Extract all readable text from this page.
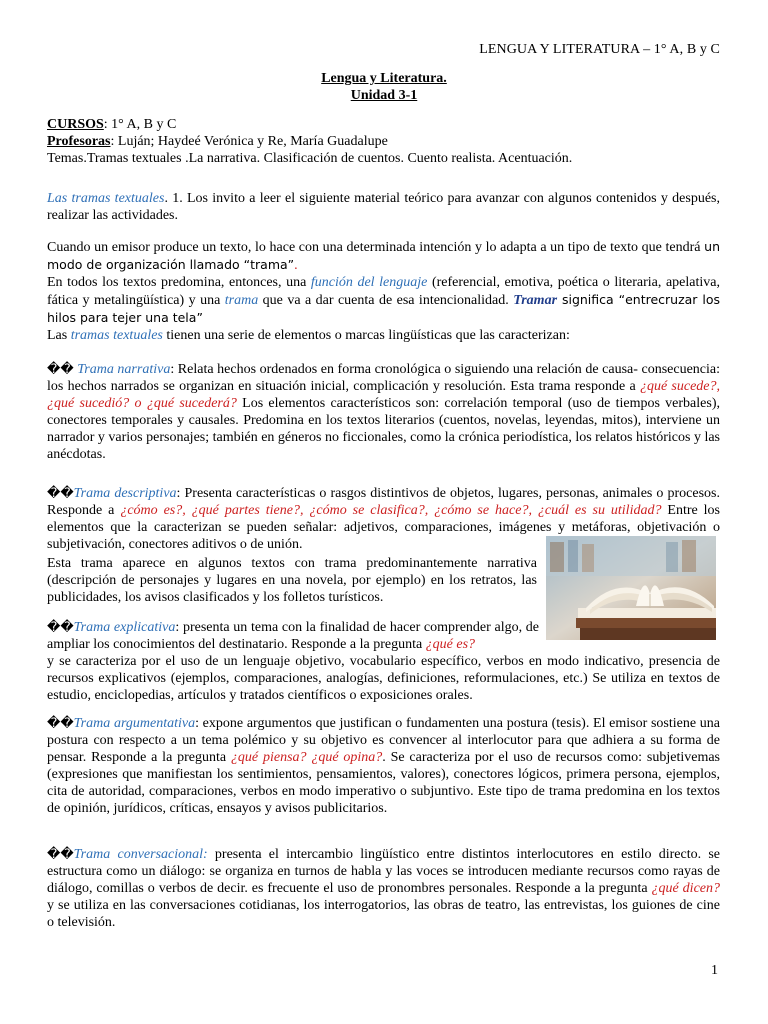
LENGUA Y LITERATURA – 1° A, B y C
Lengua y Literatura.
Unidad 3-1
CURSOS: 1° A, B y C
Profesoras: Luján; Haydeé Verónica y Re, María Guadalupe
Temas.Tramas textuales .La narrativa. Clasificación de cuentos. Cuento realista. Acentuación.
Las tramas textuales. 1. Los invito a leer el siguiente material teórico para avanzar con algunos contenidos y después, realizar las actividades.
Cuando un emisor produce un texto, lo hace con una determinada intención y lo adapta a un tipo de texto que tendrá un modo de organización llamado “trama”.
En todos los textos predomina, entonces, una función del lenguaje (referencial, emotiva, poética o literaria, apelativa, fática y metalingüística) y una trama que va a dar cuenta de esa intencionalidad. Tramar significa “entrecruzar los hilos para tejer una tela”
Las tramas textuales tienen una serie de elementos o marcas lingüísticas que las caracterizan:
�� Trama narrativa: Relata hechos ordenados en forma cronológica o siguiendo una relación de causa- consecuencia: los hechos narrados se organizan en situación inicial, complicación y resolución. Esta trama responde a ¿qué sucede?, ¿qué sucedió? o ¿qué sucederá? Los elementos característicos son: correlación temporal (uso de tiempos verbales), conectores temporales y causales. Predomina en los textos literarios (cuentos, novelas, leyendas, mitos), interviene un narrador y varios personajes; también en géneros no ficcionales, como la crónica periodística, los relatos históricos y las anécdotas.
��Trama descriptiva: Presenta características o rasgos distintivos de objetos, lugares, personas, animales o procesos. Responde a ¿cómo es?, ¿qué partes tiene?, ¿cómo se clasifica?, ¿cómo se hace?, ¿cuál es su utilidad? Entre los elementos que la caracterizan se pueden señalar: adjetivos, comparaciones, imágenes y metáforas, objetivación o subjetivación, conectores aditivos o de unión.
Esta trama aparece en algunos textos con trama predominantemente narrativa (descripción de personajes y lugares en una novela, por ejemplo) en los retratos, las publicidades, los avisos clasificados y los folletos turísticos.
��Trama explicativa: presenta un tema con la finalidad de hacer comprender algo, de ampliar los conocimientos del destinatario. Responde a la pregunta ¿qué es?
y se caracteriza por el uso de un lenguaje objetivo, vocabulario específico, verbos en modo indicativo, presencia de recursos explicativos (ejemplos, comparaciones, analogías, definiciones, reformulaciones, etc.) Se utiliza en textos de estudio, enciclopedias, artículos y tratados científicos o exposiciones orales.
��Trama argumentativa: expone argumentos que justifican o fundamenten una postura (tesis). El emisor sostiene una postura con respecto a un tema polémico y su objetivo es convencer al interlocutor para que adhiera a su forma de pensar. Responde a la pregunta ¿qué piensa? ¿qué opina?. Se caracteriza por el uso de recursos como: subjetivemas (expresiones que manifiestan los sentimientos, pensamientos, valores), conectores lógicos, primera persona, ejemplos, cita de autoridad, comparaciones, verbos en modo imperativo o subjuntivo. Este tipo de trama predomina en los textos de opinión, jurídicos, críticas, ensayos y avisos publicitarios.
��Trama conversacional: presenta el intercambio lingüístico entre distintos interlocutores en estilo directo. se estructura como un diálogo: se organiza en turnos de habla y las voces se introducen mediante recursos como rayas de diálogo, comillas o verbos de decir. es frecuente el uso de pronombres personales. Responde a la pregunta ¿qué dicen? y se utiliza en las conversaciones cotidianas, los interrogatorios, las obras de teatro, las entrevistas, los guiones de cine o televisión.
1
